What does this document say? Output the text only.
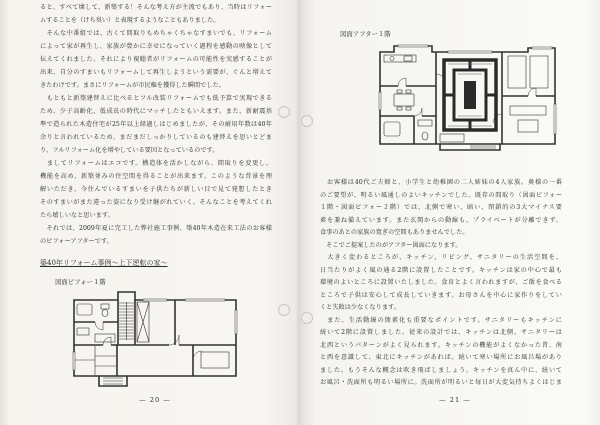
ると、すべて壊して、新築する！そんな考え方が主流でもあり、当時はリフォー
ムすることを（けち臭い）と表現するようなこともありました。
　そんな中番組では、古くて間取りもめちゃくちゃなすまいでも、リフォーム
によって家が再生し、家族が豊かに幸せになっていく過程を感動の映像として
伝えてくれました。それにより視聴者がリフォームの可能性を実感することが
出来、自分のすまいもリフォームして再生しようという需要が、ぐんと増えて
きたわけです。まさにリフォームが市民権を獲得した瞬間でした。
　もともと新築建替えに比べるとフル改装リフォームでも低予算で実現できる
ため、少子高齢化、低成長の時代にマッチしたともいえます。また、新耐震基
準で造られた木造住宅が25年以上経過しはじめましたが、その耐用年数は40年
余りと言われているため、まだまだしっかりしているのも建替えを思いとどま
り、フルリフォーム化を増やしている要因となっているのです。
　ましてリフォームはエコです。構造体を活かしながら、間取りを変更し、
機能を高め、新築並みの住空間を得ることが出来ます。このような背景を理
解いただき、今住んでいるすまいを子供たちが新しい目で見て発想したとき
そのすまいがまた違った姿になり受け継がれていく。そんなことを考えてくれ
たら嬉しいなと思います。
　それでは、2009年夏に完工した弊社施工事例、築40年木造在来工法のお客様
のビフォーアフターです。
築40年リフォーム事例～上下逆転の家～
図面ビフォー１階
— 20 —
図面アフター１階
　お客様は40代ご夫婦と、小学生と幼稚園の二人姉妹の4人家族。奥様の一番
のご要望が、明るい風通しのよいキッチンでした。既存の間取り（図面ビフォー
１階・図面ビフォー２階）では、北側で寒い、暗い、閉鎖的の3大マイナス要
素を兼ね備えています。また玄関からの動線も、プライベートが分離できず、
食事のあとの家族の寛ぎの空間もありませんでした。
　そこでご提案したのがアフター図面になります。
　大きく変わるところが、キッチン、リビング、サニタリーの生活空間を、
日当たりがよく風の通る2階に設置したことです。キッチンは家の中心で最も
環境のよいところに設置いたしました。食育とよく言われますが、ご飯を食べる
ところで子供は安心して成長していきます。お母さんを中心に家作りをしてい
くと失敗は少なくなります。
　また、生活動線の簡素化も重要なポイントです。サニタリーもキッチンに
続いて2階に設置しました。従来の設計では、キッチンは北側、サニタリーは
北西というパターンがよく見られます。キッチンの機能がよくなかった昔、南
と西を意識して、東北にキッチンがあれば、続いて寒い場所にお風呂場があり
ました。もうそんな概念は吹き飛ばしましょう。キッチンを真ん中に、続いて
お風呂・洗面所も明るい場所に。洗面所が明るいと毎日が大変気持ちよくはじま
— 21 —
